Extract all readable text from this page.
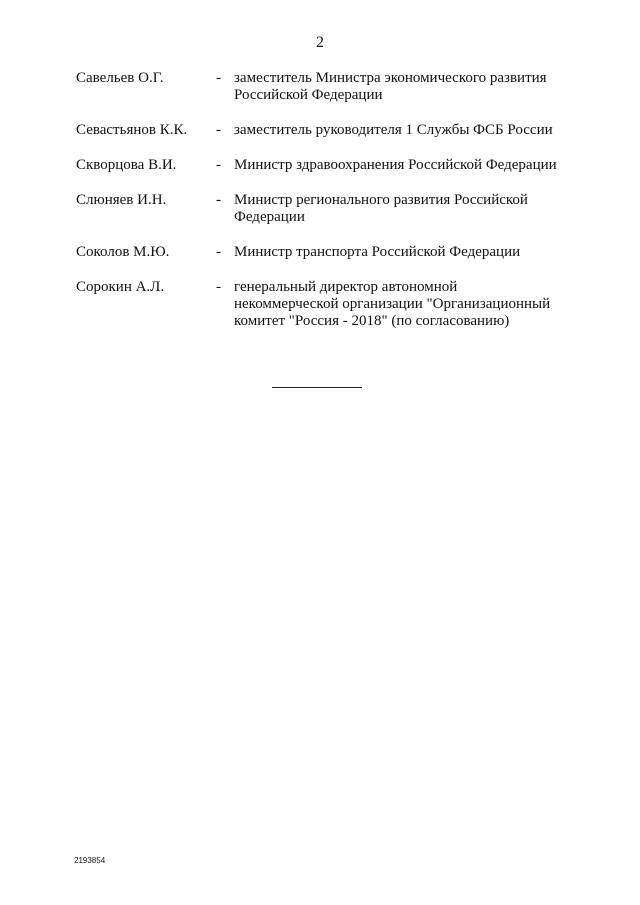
2
Савельев О.Г.	- заместитель Министра экономического развития Российской Федерации
Севастьянов К.К.	- заместитель руководителя 1 Службы ФСБ России
Скворцова В.И.	- Министр здравоохранения Российской Федерации
Слюняев И.Н.	- Министр регионального развития Российской Федерации
Соколов М.Ю.	- Министр транспорта Российской Федерации
Сорокин А.Л.	- генеральный директор автономной некоммерческой организации "Организационный комитет "Россия - 2018" (по согласованию)
2193854
